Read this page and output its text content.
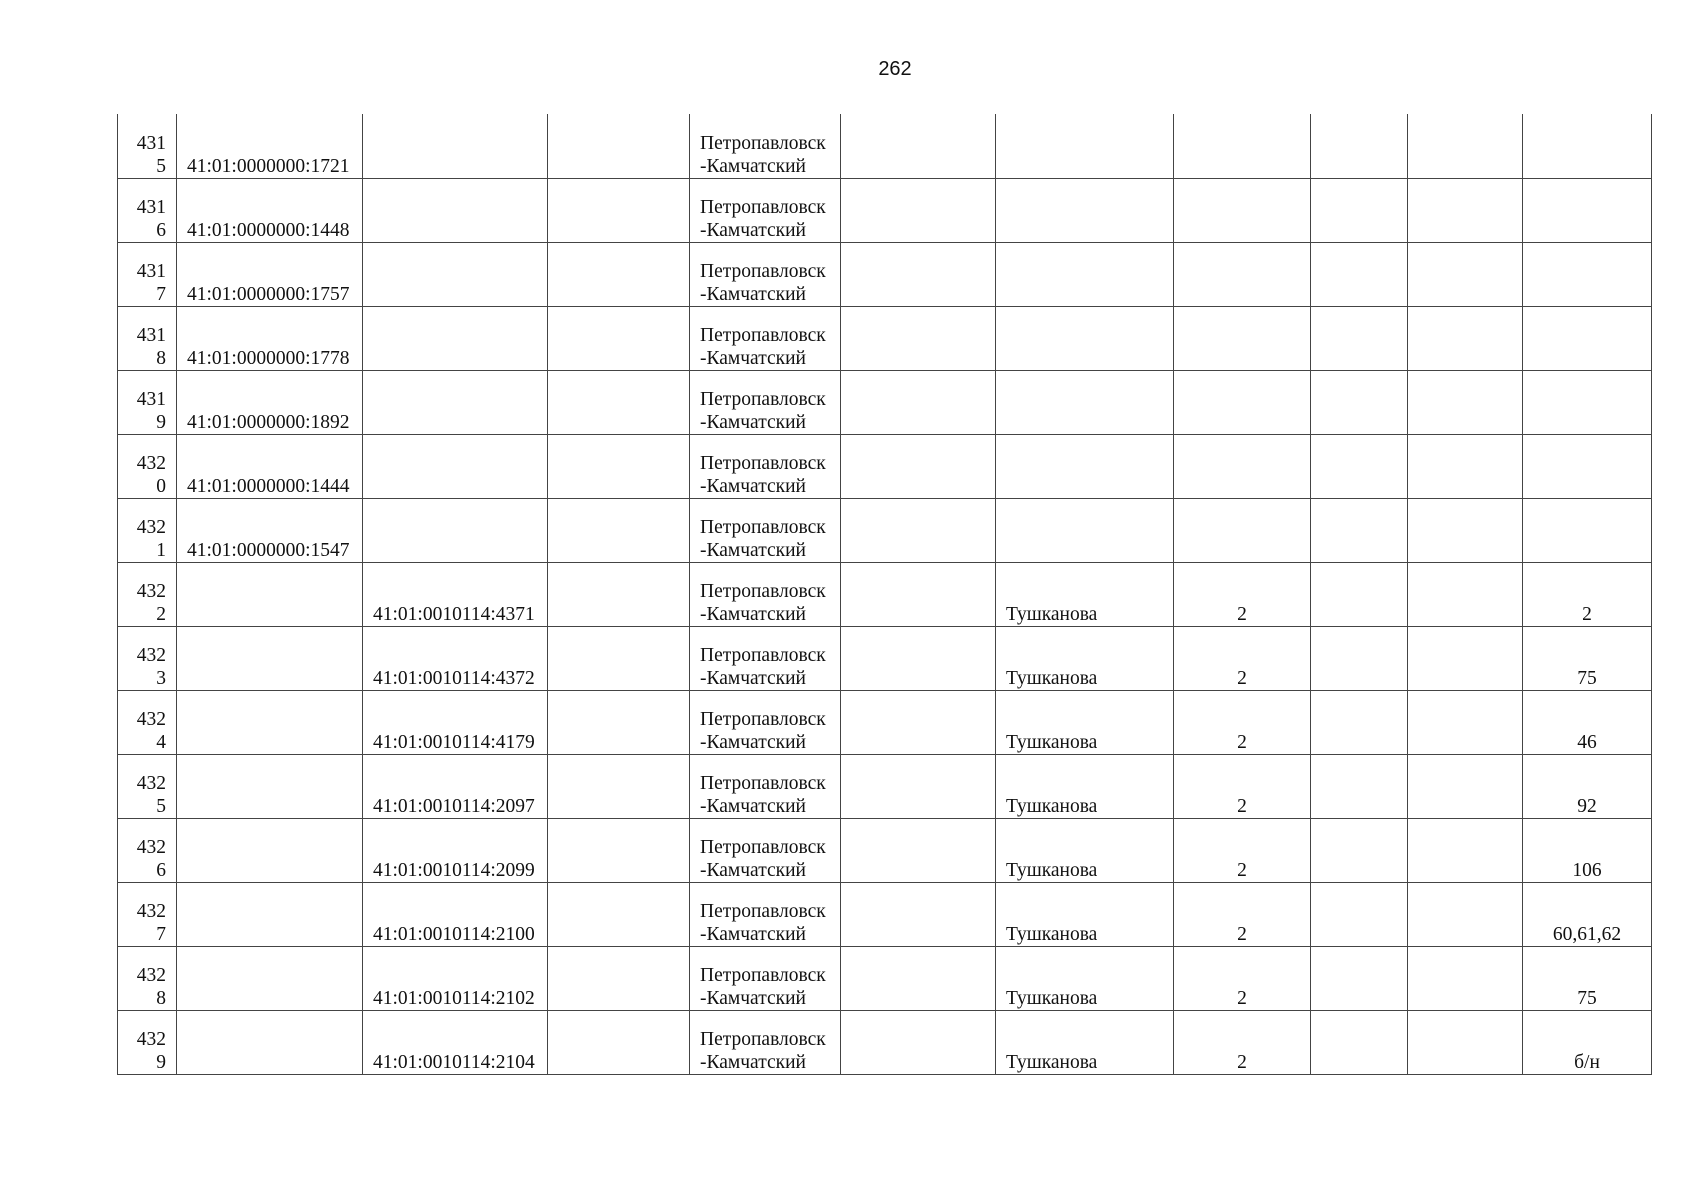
262
4315	41:01:0000000:1721			Петропавловск-Камчатский						
4316	41:01:0000000:1448			Петропавловск-Камчатский						
4317	41:01:0000000:1757			Петропавловск-Камчатский						
4318	41:01:0000000:1778			Петропавловск-Камчатский						
4319	41:01:0000000:1892			Петропавловск-Камчатский						
4320	41:01:0000000:1444			Петропавловск-Камчатский						
4321	41:01:0000000:1547			Петропавловск-Камчатский						
4322		41:01:0010114:4371		Петропавловск-Камчатский		Тушканова	2			2
4323		41:01:0010114:4372		Петропавловск-Камчатский		Тушканова	2			75
4324		41:01:0010114:4179		Петропавловск-Камчатский		Тушканова	2			46
4325		41:01:0010114:2097		Петропавловск-Камчатский		Тушканова	2			92
4326		41:01:0010114:2099		Петропавловск-Камчатский		Тушканова	2			106
4327		41:01:0010114:2100		Петропавловск-Камчатский		Тушканова	2			60,61,62
4328		41:01:0010114:2102		Петропавловск-Камчатский		Тушканова	2			75
4329		41:01:0010114:2104		Петропавловск-Камчатский		Тушканова	2			б/н
